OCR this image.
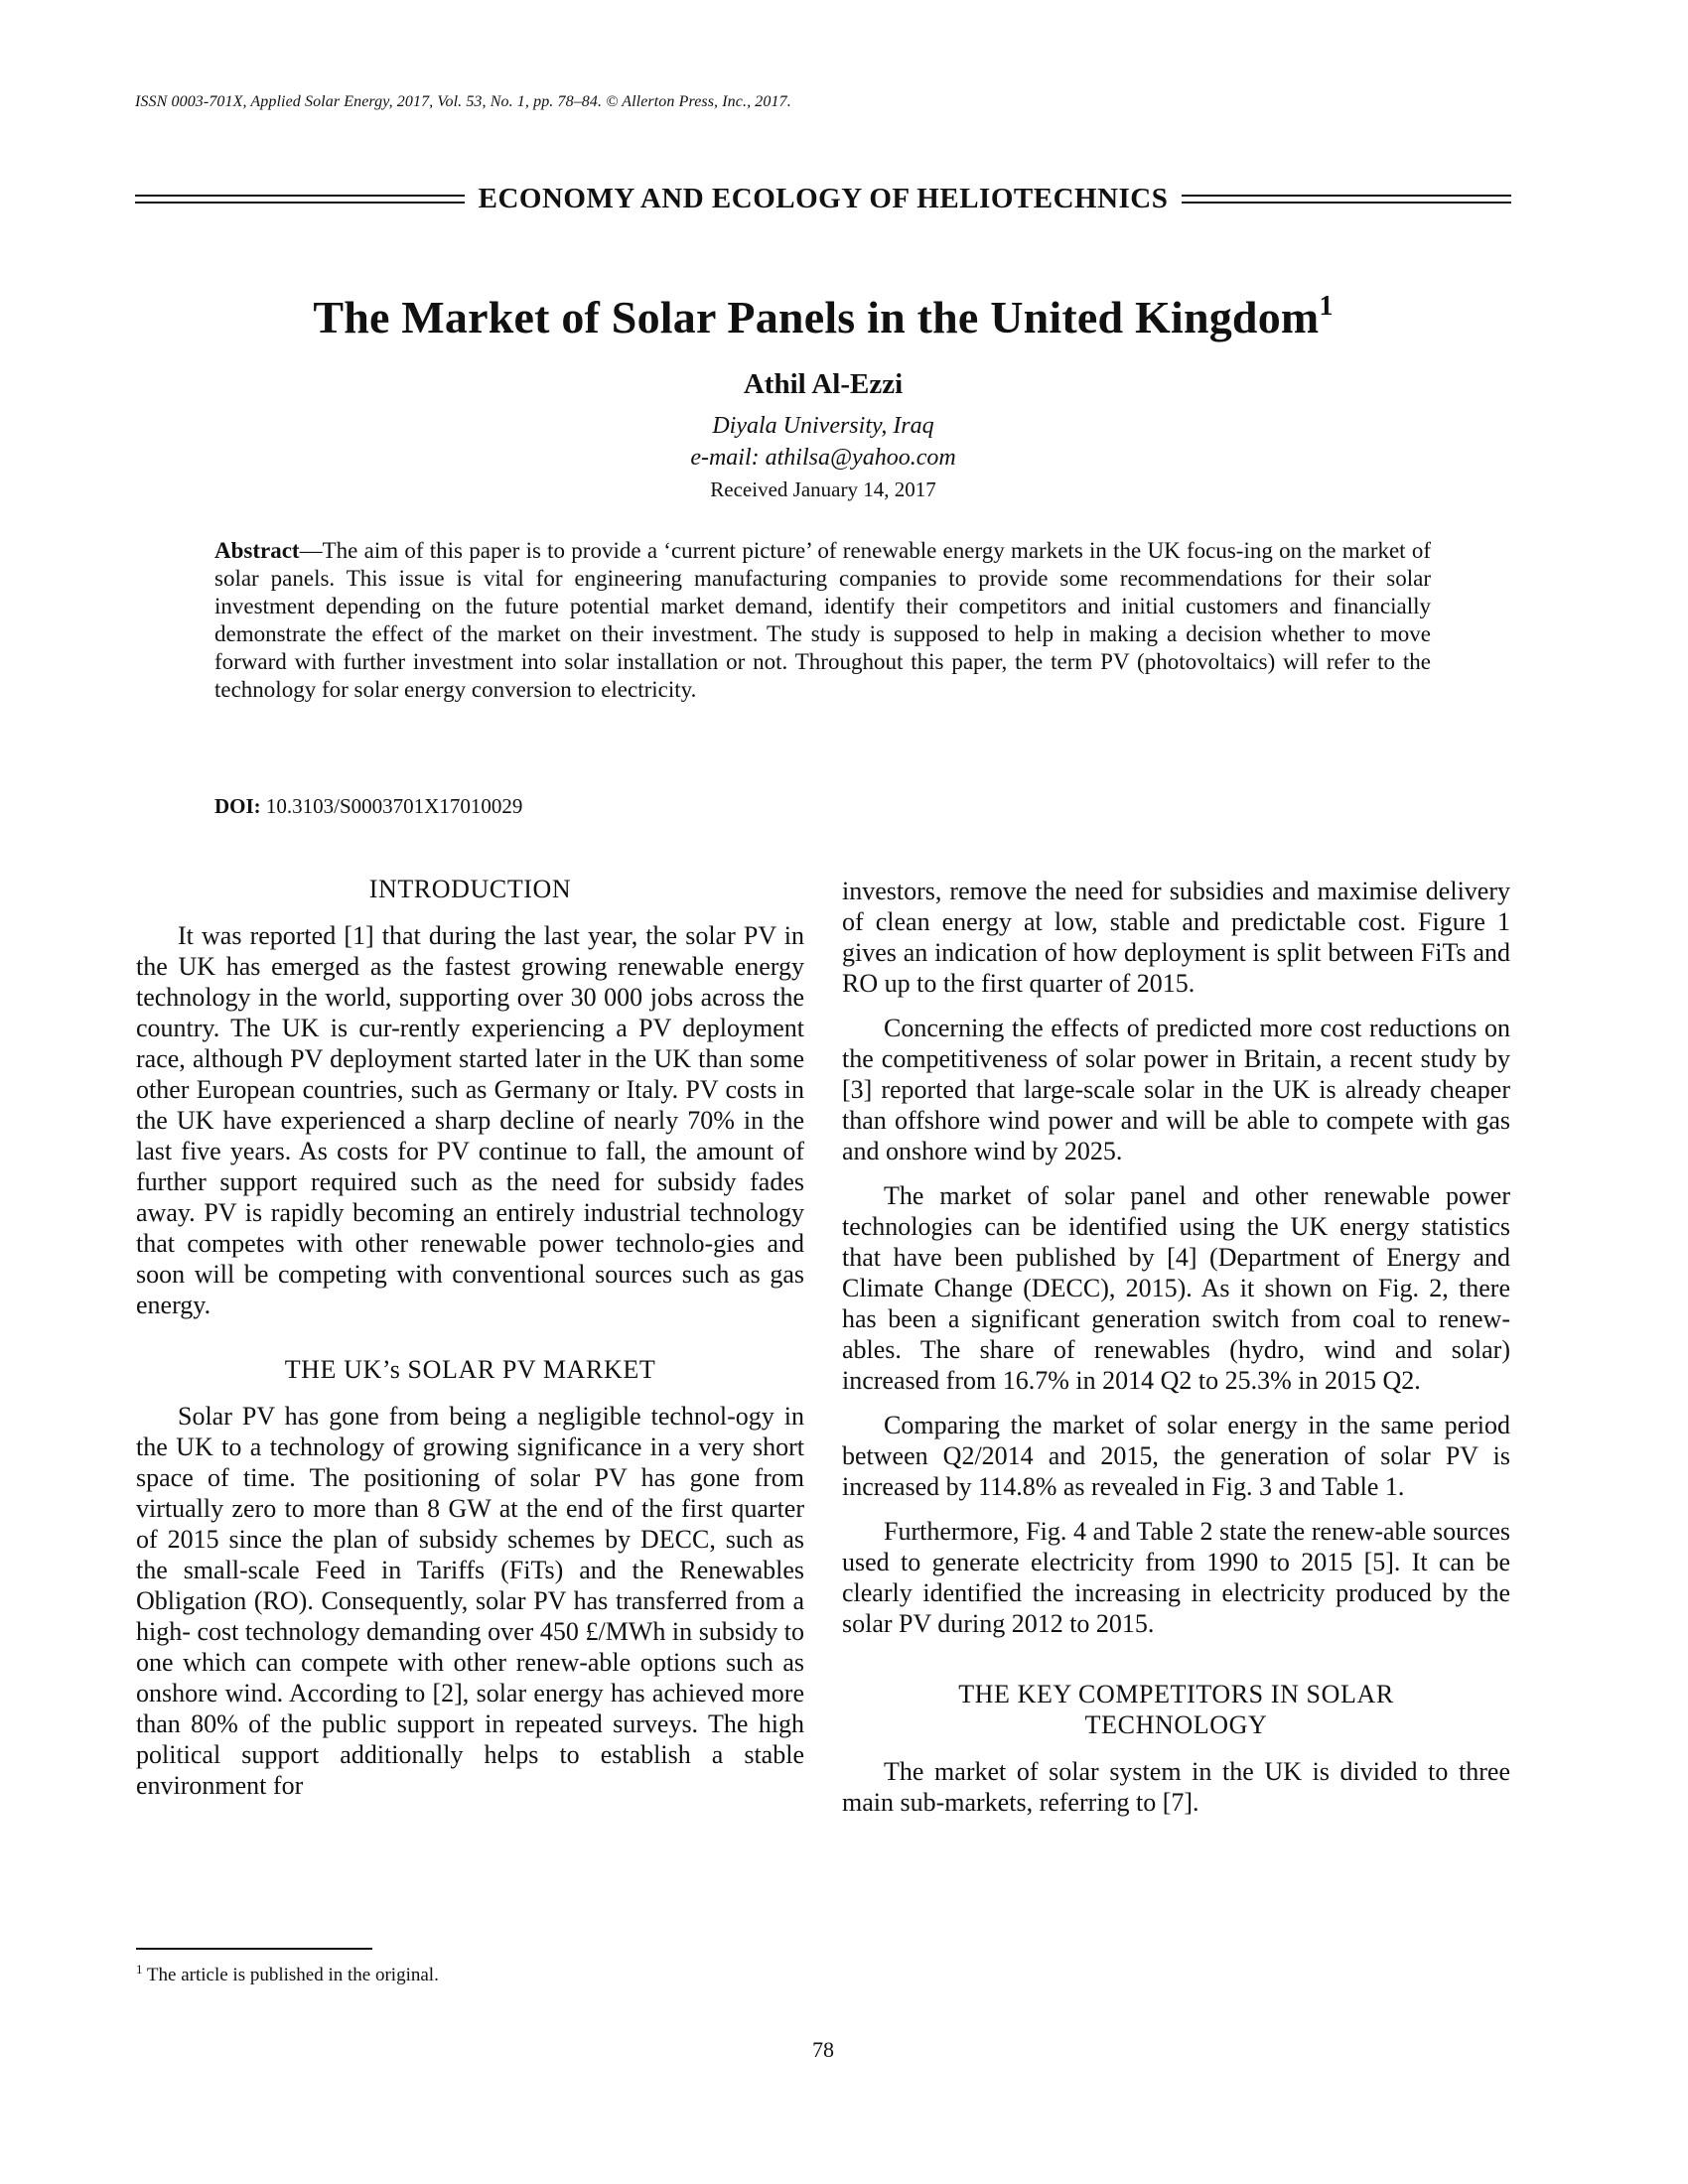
ISSN 0003-701X, Applied Solar Energy, 2017, Vol. 53, No. 1, pp. 78–84. © Allerton Press, Inc., 2017.
ECONOMY AND ECOLOGY OF HELIOTECHNICS
The Market of Solar Panels in the United Kingdom$^1$
Athil Al-Ezzi
Diyala University, Iraq
e-mail: athilsa@yahoo.com
Received January 14, 2017
Abstract—The aim of this paper is to provide a ‘current picture’ of renewable energy markets in the UK focus-ing on the market of solar panels. This issue is vital for engineering manufacturing companies to provide some recommendations for their solar investment depending on the future potential market demand, identify their competitors and initial customers and financially demonstrate the effect of the market on their investment. The study is supposed to help in making a decision whether to move forward with further investment into solar installation or not. Throughout this paper, the term PV (photovoltaics) will refer to the technology for solar energy conversion to electricity.
DOI: 10.3103/S0003701X17010029
INTRODUCTION

It was reported [1] that during the last year, the solar PV in the UK has emerged as the fastest growing renewable energy technology in the world, supporting over 30 000 jobs across the country. The UK is cur-rently experiencing a PV deployment race, although PV deployment started later in the UK than some other European countries, such as Germany or Italy. PV costs in the UK have experienced a sharp decline of nearly 70% in the last five years. As costs for PV continue to fall, the amount of further support required such as the need for subsidy fades away. PV is rapidly becoming an entirely industrial technology that competes with other renewable power technolo-gies and soon will be competing with conventional sources such as gas energy.

THE UK’s SOLAR PV MARKET

Solar PV has gone from being a negligible technol-ogy in the UK to a technology of growing significance in a very short space of time. The positioning of solar PV has gone from virtually zero to more than 8 GW at the end of the first quarter of 2015 since the plan of subsidy schemes by DECC, such as the small-scale Feed in Tariffs (FiTs) and the Renewables Obligation (RO). Consequently, solar PV has transferred from a high- cost technology demanding over 450 £/MWh in subsidy to one which can compete with other renew-able options such as onshore wind. According to [2], solar energy has achieved more than 80% of the public support in repeated surveys. The high political support additionally helps to establish a stable environment for

investors, remove the need for subsidies and maximise delivery of clean energy at low, stable and predictable cost. Figure 1 gives an indication of how deployment is split between FiTs and RO up to the first quarter of 2015.

Concerning the effects of predicted more cost reductions on the competitiveness of solar power in Britain, a recent study by [3] reported that large-scale solar in the UK is already cheaper than offshore wind power and will be able to compete with gas and onshore wind by 2025.

The market of solar panel and other renewable power technologies can be identified using the UK energy statistics that have been published by [4] (Department of Energy and Climate Change (DECC), 2015). As it shown on Fig. 2, there has been a significant generation switch from coal to renew-ables. The share of renewables (hydro, wind and solar) increased from 16.7% in 2014 Q2 to 25.3% in 2015 Q2.

Comparing the market of solar energy in the same period between Q2/2014 and 2015, the generation of solar PV is increased by 114.8% as revealed in Fig. 3 and Table 1.

Furthermore, Fig. 4 and Table 2 state the renew-able sources used to generate electricity from 1990 to 2015 [5]. It can be clearly identified the increasing in electricity produced by the solar PV during 2012 to 2015.

THE KEY COMPETITORS IN SOLAR
TECHNOLOGY

The market of solar system in the UK is divided to three main sub-markets, referring to [7].

$^1$ The article is published in the original.
78
